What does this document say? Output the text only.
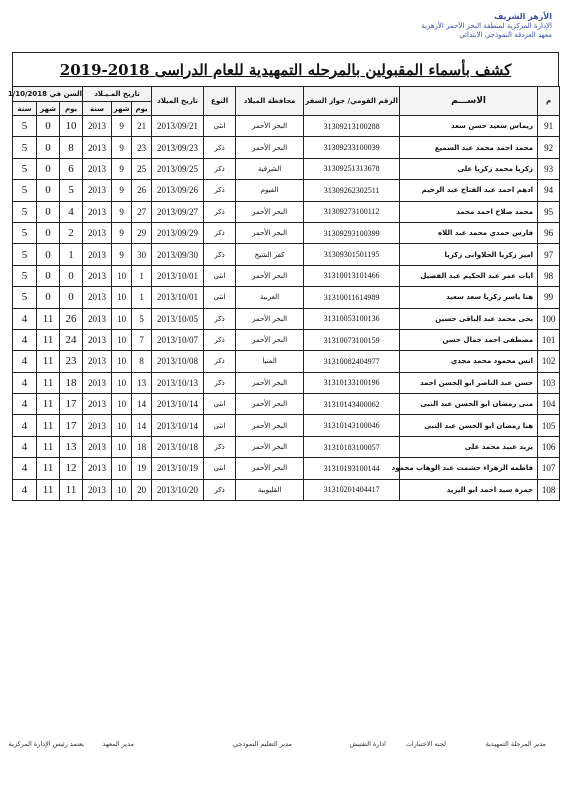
الأزهر الشريف
الإدارة المركزية لمنطقة البحر الأحمر الأزهرية
معهد الغردقة النموذجي الابتدائي
كشف بأسماء المقبولين بالمرحله التمهيدية للعام الدراسى 2018-2019
م	الاســـم	الرقم القومي/ جواز السفر	محافظة الميلاد	النوع	تاريخ الميلاد	تاريخ المـيـلاد			السن في 1/10/2018		
						يوم	شهر	سنة	يوم	شهر	سنة
91	ريماس سعيد حسن سعد	31309213100288	البحر الأحمر	انثى	2013/09/21	21	9	2013	10	0	5
92	محمد احمد محمد عبد السميع	31309233100039	البحر الأحمر	ذكر	2013/09/23	23	9	2013	8	0	5
93	زكريا محمد زكريا على	31309251313678	الشرقية	ذكر	2013/09/25	25	9	2013	6	0	5
94	ادهم احمد عبد الفتاح عبد الرحيم	31309262302511	الفيوم	ذكر	2013/09/26	26	9	2013	5	0	5
95	محمد صلاح احمد محمد	31309273100112	البحر الأحمر	ذكر	2013/09/27	27	9	2013	4	0	5
96	فارس حمدي محمد عبد اللاه	31309293100399	البحر الأحمر	ذكر	2013/09/29	29	9	2013	2	0	5
97	امير زكريا الحلاوانى زكريا	31309301501195	كفر الشيخ	ذكر	2013/09/30	30	9	2013	1	0	5
98	ايات عمر عبد الحكيم عبد الفضيل	31310013101466	البحر الأحمر	انثى	2013/10/01	1	10	2013	0	0	5
99	هنا ياسر زكريا سعد سعيد	31310011614989	الغربية	انثى	2013/10/01	1	10	2013	0	0	5
100	يحى محمد عبد الباقى حسين	31310053100136	البحر الأحمر	ذكر	2013/10/05	5	10	2013	26	11	4
101	مصطفى احمد جمال حسن	31310073100159	البحر الأحمر	ذكر	2013/10/07	7	10	2013	24	11	4
102	انس محمود محمد مجدي	31310082404977	المنيا	ذكر	2013/10/08	8	10	2013	23	11	4
103	حسن عبد الناصر ابو الحسن احمد	31310133100196	البحر الأحمر	ذكر	2013/10/13	13	10	2013	18	11	4
104	منى رمضان ابو الحسن عبد النبى	31310143400062	البحر الأحمر	انثى	2013/10/14	14	10	2013	17	11	4
105	هنا رمضان ابو الحسن عبد النبى	31310143100046	البحر الأحمر	انثى	2013/10/14	14	10	2013	17	11	4
106	يزيد عبيد محمد على	31310183100057	البحر الأحمر	ذكر	2013/10/18	18	10	2013	13	11	4
107	فاطمه الزهراء حشمت عبد الوهاب محمود	31310193100144	البحر الأحمر	انثى	2013/10/19	19	10	2013	12	11	4
108	حمزة سيد احمد ابو اليزيد	31310201404417	القليوبية	ذكر	2013/10/20	20	10	2013	11	11	4
مدير المرحلة التمهيدية
لجنه الاختبارات
ادارة التفتيش
مدير التعليم النموذجي
مدير المعهد
يعتمد رئيس الإدارة المركزية
